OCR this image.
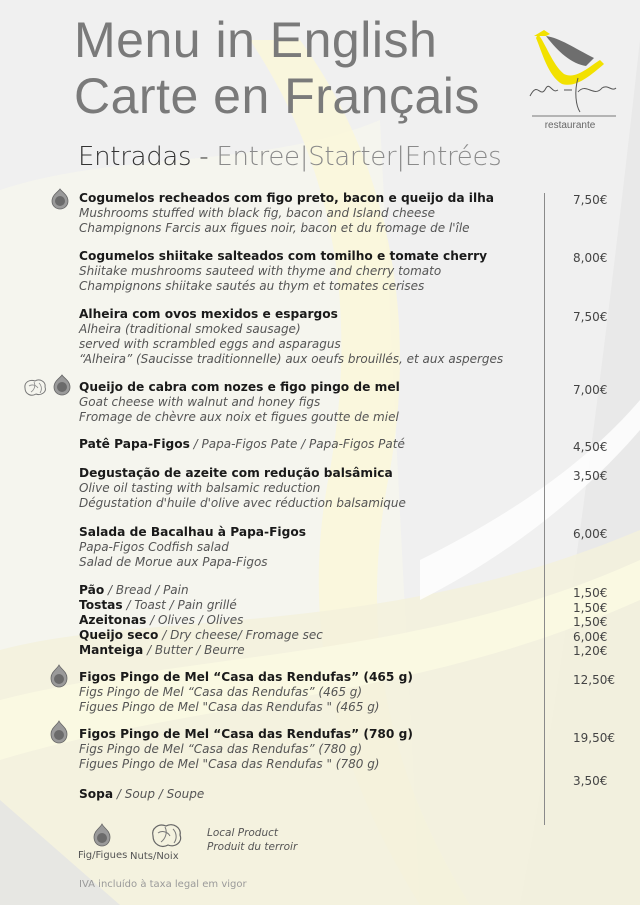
Menu in English
Carte en Français
restaurante
Entradas - Entree|Starter|Entrées
Cogumelos recheados com figo preto, bacon e queijo da ilha
Mushrooms stuffed with black fig, bacon and Island cheese
Champignons Farcis aux figues noir, bacon et du fromage de l'île
7,50€
Cogumelos shiitake salteados com tomilho e tomate cherry
Shiitake mushrooms sauteed with thyme and cherry tomato
Champignons shiitake sautés au thym et tomates cerises
8,00€
Alheira com ovos mexidos e espargos
Alheira (traditional smoked sausage)
served with scrambled eggs and asparagus
“Alheira” (Saucisse traditionnelle) aux oeufs brouillés, et aux asperges
7,50€
Queijo de cabra com nozes e figo pingo de mel
Goat cheese with walnut and honey figs
Fromage de chèvre aux noix et figues goutte de miel
7,00€
Patê Papa-Figos / Papa-Figos Pate / Papa-Figos Paté	4,50€
Degustação de azeite com redução balsâmica
Olive oil tasting with balsamic reduction
Dégustation d'huile d'olive avec réduction balsamique
3,50€
Salada de Bacalhau à Papa-Figos
Papa-Figos Codfish salad
Salad de Morue aux Papa-Figos
6,00€
Pão / Bread / Pain
Tostas / Toast / Pain grillé
Azeitonas / Olives / Olives
Queijo seco / Dry cheese/ Fromage sec
Manteiga / Butter / Beurre
1,50€
1,50€
1,50€
6,00€
1,20€
Figos Pingo de Mel “Casa das Rendufas” (465 g)
Figs Pingo de Mel “Casa das Rendufas” (465 g)
Figues Pingo de Mel "Casa das Rendufas " (465 g)
12,50€
Figos Pingo de Mel “Casa das Rendufas” (780 g)
Figs Pingo de Mel “Casa das Rendufas” (780 g)
Figues Pingo de Mel "Casa das Rendufas " (780 g)
19,50€
Sopa / Soup / Soupe
3,50€
Fig/Figues Nuts/Noix
Local Product
Produit du terroir
IVA incluído à taxa legal em vigor
